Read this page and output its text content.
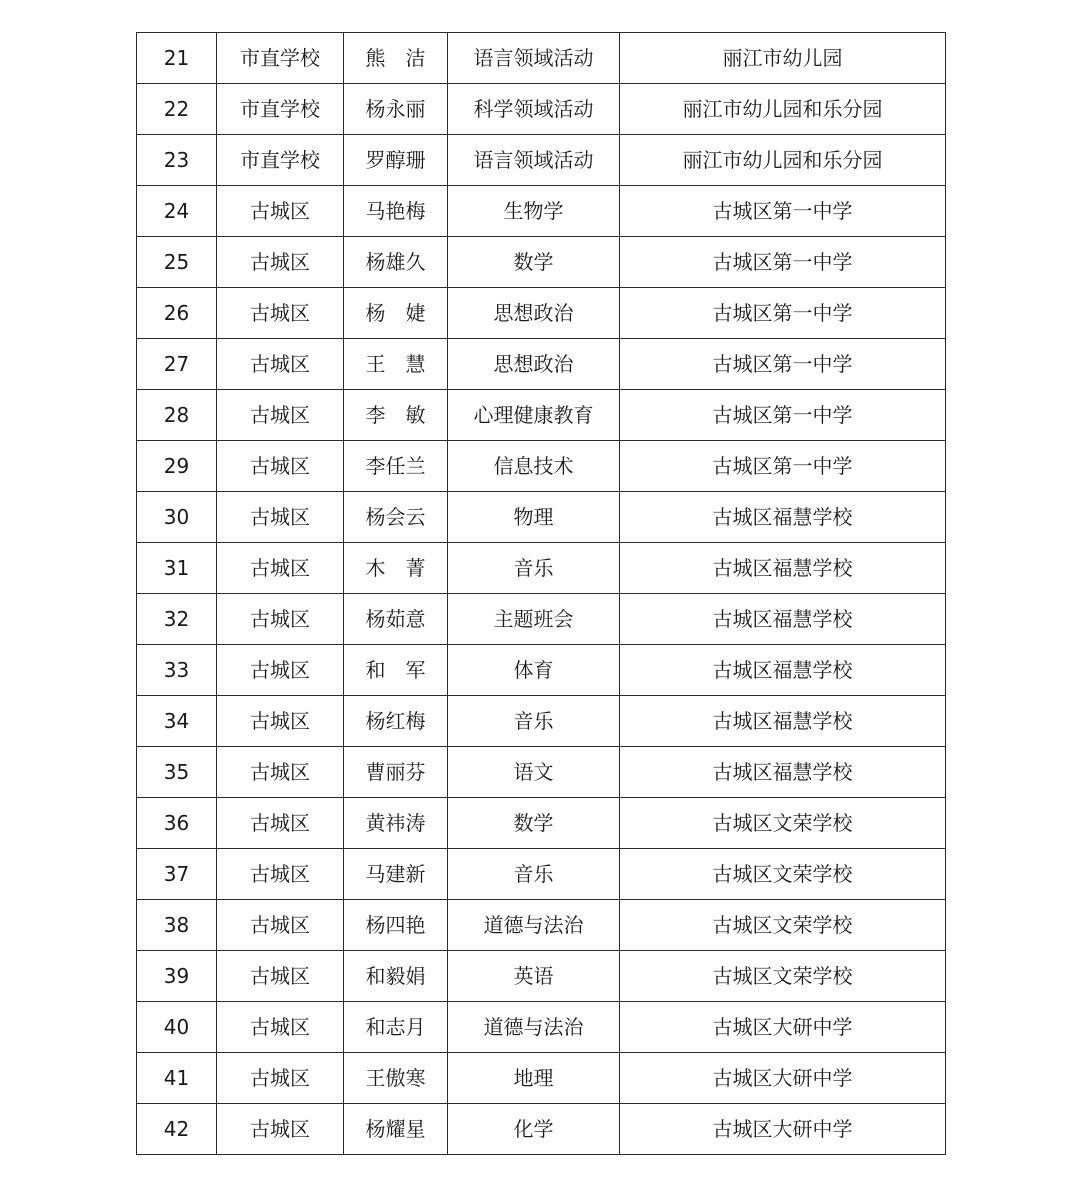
21	市直学校	熊　洁	语言领域活动	丽江市幼儿园
22	市直学校	杨永丽	科学领域活动	丽江市幼儿园和乐分园
23	市直学校	罗醇珊	语言领域活动	丽江市幼儿园和乐分园
24	古城区	马艳梅	生物学	古城区第一中学
25	古城区	杨雄久	数学	古城区第一中学
26	古城区	杨　婕	思想政治	古城区第一中学
27	古城区	王　慧	思想政治	古城区第一中学
28	古城区	李　敏	心理健康教育	古城区第一中学
29	古城区	李任兰	信息技术	古城区第一中学
30	古城区	杨会云	物理	古城区福慧学校
31	古城区	木　菁	音乐	古城区福慧学校
32	古城区	杨茹意	主题班会	古城区福慧学校
33	古城区	和　军	体育	古城区福慧学校
34	古城区	杨红梅	音乐	古城区福慧学校
35	古城区	曹丽芬	语文	古城区福慧学校
36	古城区	黄祎涛	数学	古城区文荣学校
37	古城区	马建新	音乐	古城区文荣学校
38	古城区	杨四艳	道德与法治	古城区文荣学校
39	古城区	和毅娟	英语	古城区文荣学校
40	古城区	和志月	道德与法治	古城区大研中学
41	古城区	王傲寒	地理	古城区大研中学
42	古城区	杨耀星	化学	古城区大研中学
